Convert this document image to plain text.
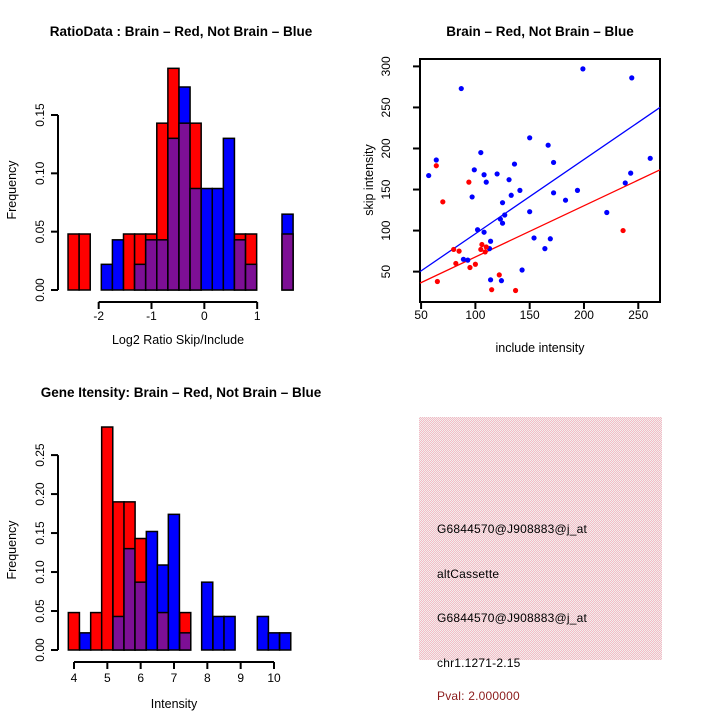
RatioData : Brain – Red, Not Brain – Blue
Log2 Ratio Skip/Include
Frequency
0.00
0.05
0.10
0.15
-2	-1	0	1
Brain – Red, Not Brain – Blue
include intensity
skip intensity
50	100	150	200	250
50
100
150
200
250
300
Gene Itensity: Brain – Red, Not Brain – Blue
Intensity
Frequency
0.00
0.05
0.10
0.15
0.20
0.25
4 5 6 7 8 9 10
G6844570@J908883@j_at
altCassette
G6844570@J908883@j_at
chr1.1271-2.15
Pval: 2.000000
